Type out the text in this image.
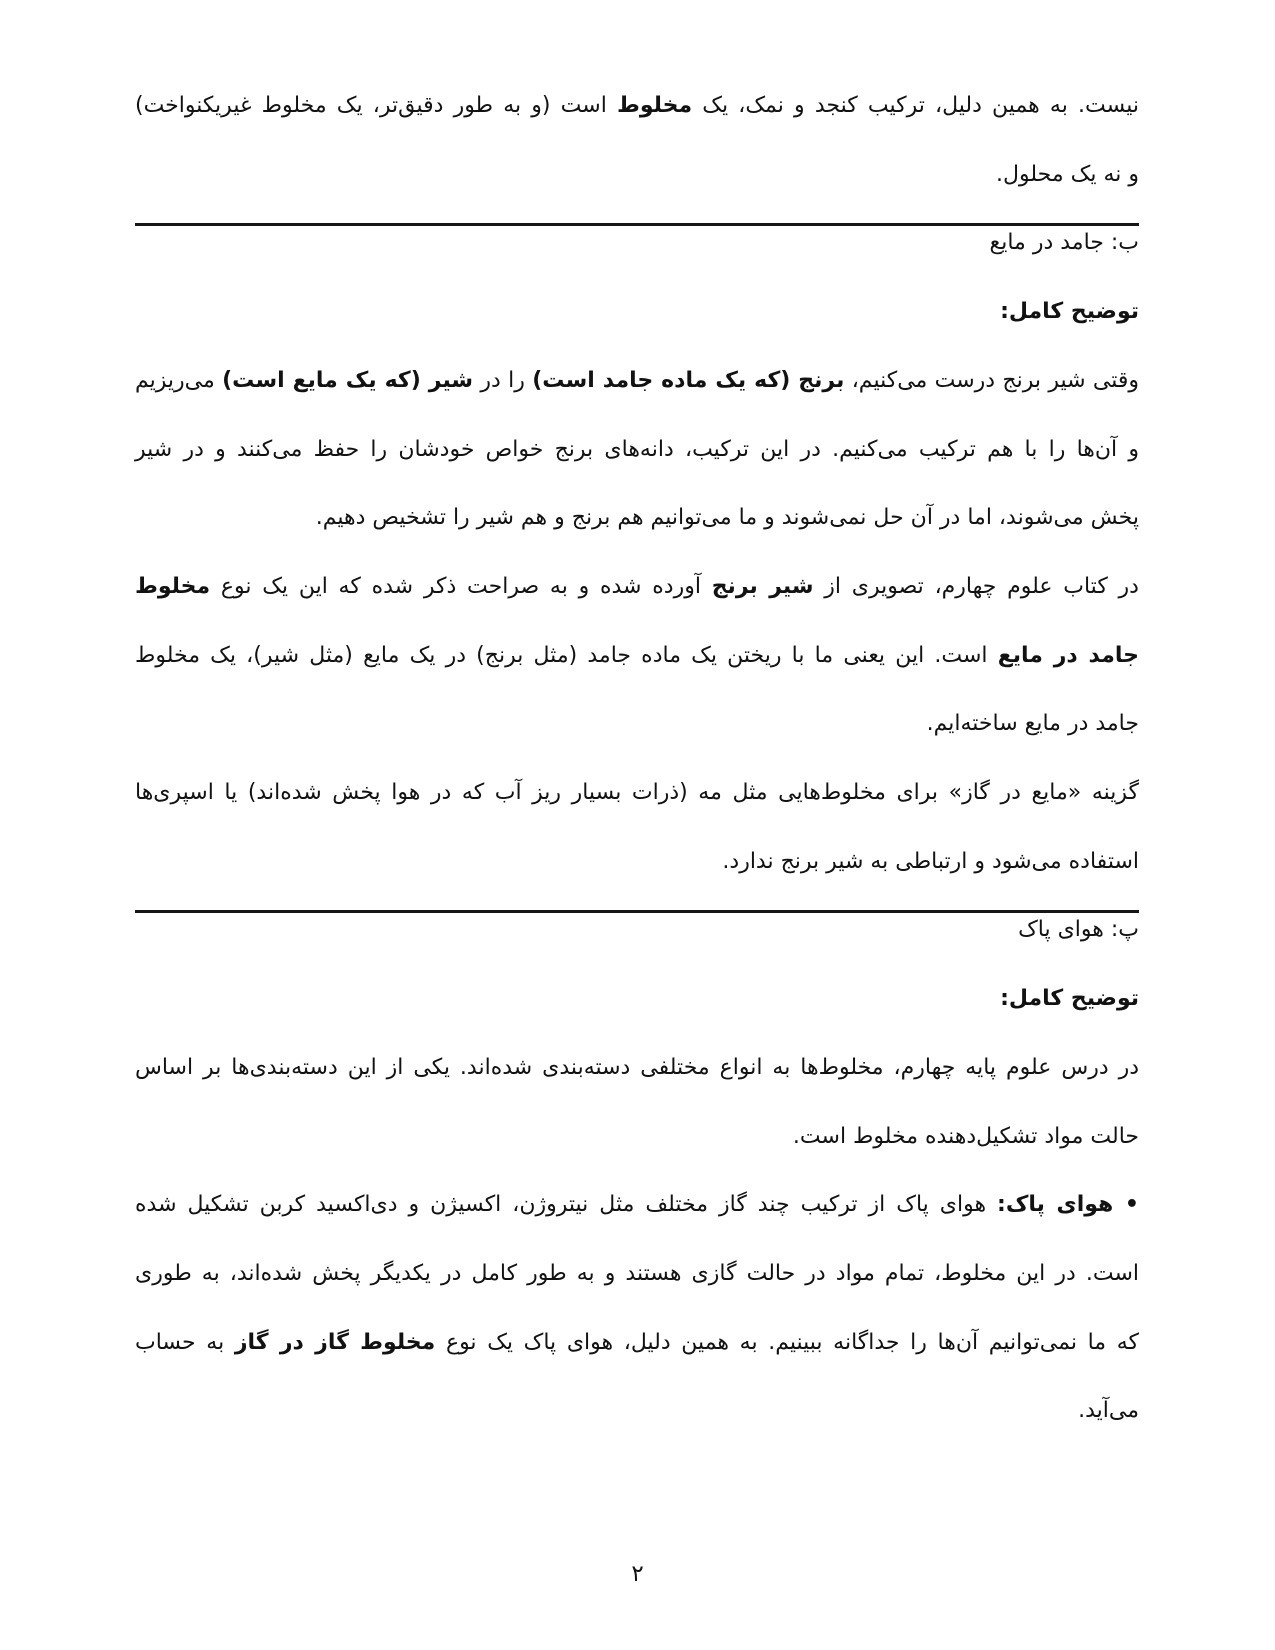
نیست. به همین دلیل، ترکیب کنجد و نمک، یک مخلوط است (و به طور دقیق‌تر، یک مخلوط غیریکنواخت)
و نه یک محلول.
ب: جامد در مایع
توضیح کامل:
وقتی شیر برنج درست می‌کنیم، برنج (که یک ماده جامد است) را در شیر (که یک مایع است) می‌ریزیم
و آن‌ها را با هم ترکیب می‌کنیم. در این ترکیب، دانه‌های برنج خواص خودشان را حفظ می‌کنند و در شیر
پخش می‌شوند، اما در آن حل نمی‌شوند و ما می‌توانیم هم برنج و هم شیر را تشخیص دهیم.
در کتاب علوم چهارم، تصویری از شیر برنج آورده شده و به صراحت ذکر شده که این یک نوع مخلوط
جامد در مایع است. این یعنی ما با ریختن یک ماده جامد (مثل برنج) در یک مایع (مثل شیر)، یک مخلوط
جامد در مایع ساخته‌ایم.
گزینه «مایع در گاز» برای مخلوط‌هایی مثل مه (ذرات بسیار ریز آب که در هوا پخش شده‌اند) یا اسپری‌ها
استفاده می‌شود و ارتباطی به شیر برنج ندارد.
پ: هوای پاک
توضیح کامل:
در درس علوم پایه چهارم، مخلوط‌ها به انواع مختلفی دسته‌بندی شده‌اند. یکی از این دسته‌بندی‌ها بر اساس
حالت مواد تشکیل‌دهنده مخلوط است.
• هوای پاک: هوای پاک از ترکیب چند گاز مختلف مثل نیتروژن، اکسیژن و دی‌اکسید کربن تشکیل شده
است. در این مخلوط، تمام مواد در حالت گازی هستند و به طور کامل در یکدیگر پخش شده‌اند، به طوری
که ما نمی‌توانیم آن‌ها را جداگانه ببینیم. به همین دلیل، هوای پاک یک نوع مخلوط گاز در گاز به حساب
می‌آید.
۲
